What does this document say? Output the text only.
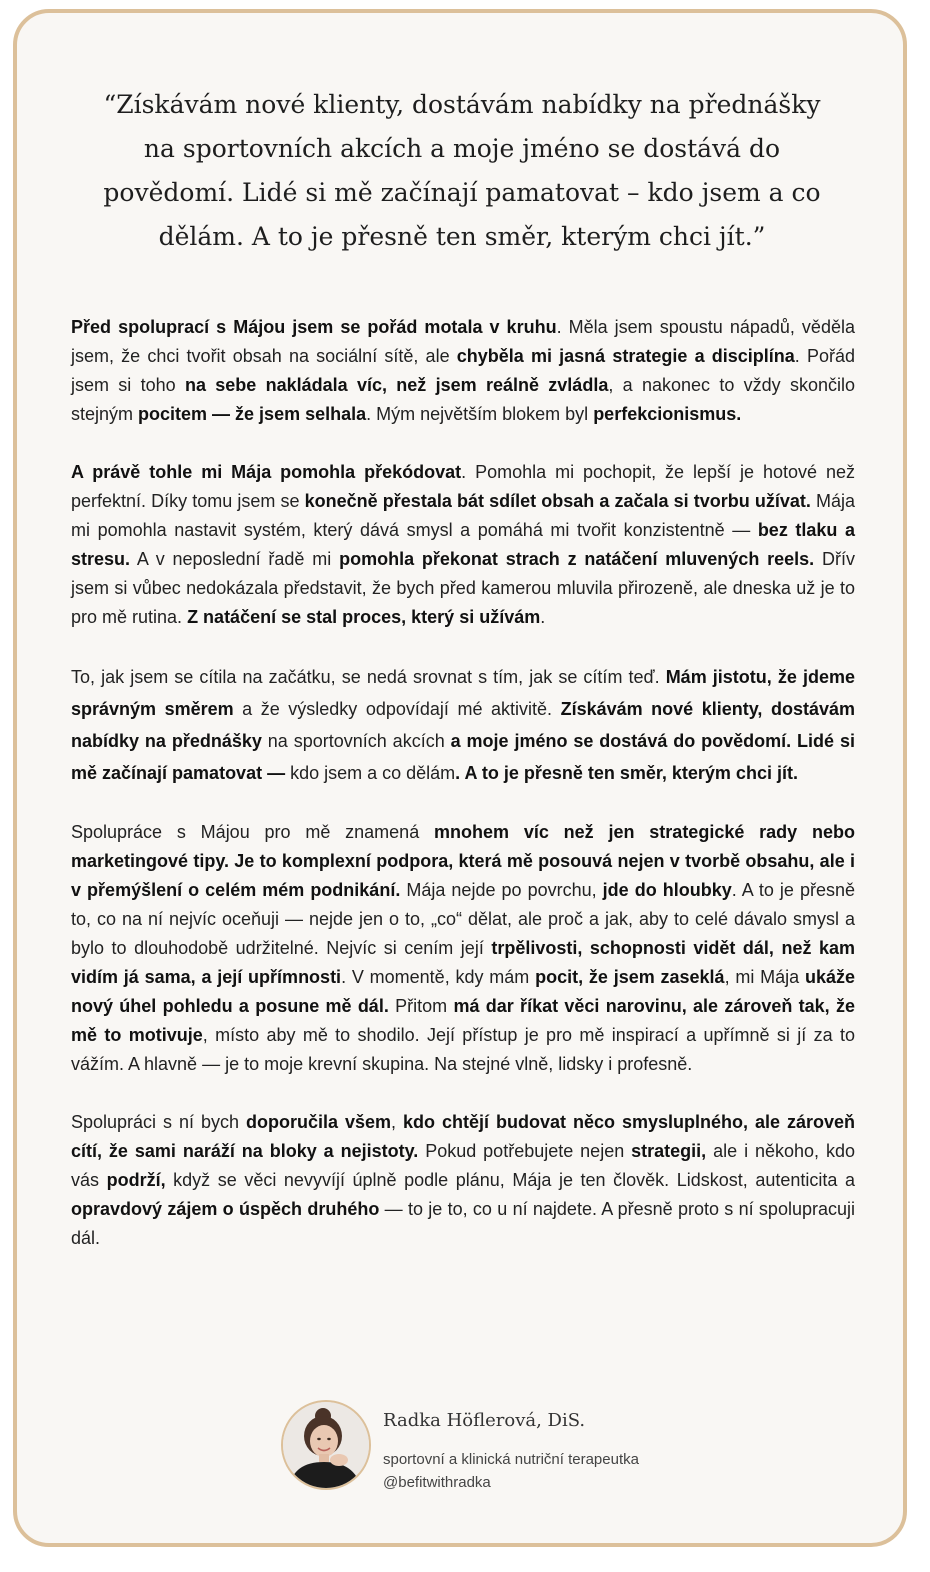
“Získávám nové klienty, dostávám nabídky na přednášky na sportovních akcích a moje jméno se dostává do povědomí. Lidé si mě začínají pamatovat – kdo jsem a co dělám. A to je přesně ten směr, kterým chci jít.”

Před spoluprací s Májou jsem se pořád motala v kruhu. Měla jsem spoustu nápadů, věděla jsem, že chci tvořit obsah na sociální sítě, ale chyběla mi jasná strategie a disciplína. Pořád jsem si toho na sebe nakládala víc, než jsem reálně zvládla, a nakonec to vždy skončilo stejným pocitem — že jsem selhala. Mým největším blokem byl perfekcionismus.

A právě tohle mi Mája pomohla překódovat. Pomohla mi pochopit, že lepší je hotové než perfektní. Díky tomu jsem se konečně přestala bát sdílet obsah a začala si tvorbu užívat. Mája mi pomohla nastavit systém, který dává smysl a pomáhá mi tvořit konzistentně — bez tlaku a stresu. A v neposlední řadě mi pomohla překonat strach z natáčení mluvených reels. Dřív jsem si vůbec nedokázala představit, že bych před kamerou mluvila přirozeně, ale dneska už je to pro mě rutina. Z natáčení se stal proces, který si užívám.

To, jak jsem se cítila na začátku, se nedá srovnat s tím, jak se cítím teď. Mám jistotu, že jdeme správným směrem a že výsledky odpovídají mé aktivitě. Získávám nové klienty, dostávám nabídky na přednášky na sportovních akcích a moje jméno se dostává do povědomí. Lidé si mě začínají pamatovat — kdo jsem a co dělám. A to je přesně ten směr, kterým chci jít.

Spolupráce s Májou pro mě znamená mnohem víc než jen strategické rady nebo marketingové tipy. Je to komplexní podpora, která mě posouvá nejen v tvorbě obsahu, ale i v přemýšlení o celém mém podnikání. Mája nejde po povrchu, jde do hloubky. A to je přesně to, co na ní nejvíc oceňuji — nejde jen o to, „co“ dělat, ale proč a jak, aby to celé dávalo smysl a bylo to dlouhodobě udržitelné. Nejvíc si cením její trpělivosti, schopnosti vidět dál, než kam vidím já sama, a její upřímnosti. V momentě, kdy mám pocit, že jsem zaseklá, mi Mája ukáže nový úhel pohledu a posune mě dál. Přitom má dar říkat věci narovinu, ale zároveň tak, že mě to motivuje, místo aby mě to shodilo. Její přístup je pro mě inspirací a upřímně si jí za to vážím. A hlavně — je to moje krevní skupina. Na stejné vlně, lidsky i profesně.

Spolupráci s ní bych doporučila všem, kdo chtějí budovat něco smysluplného, ale zároveň cítí, že sami naráží na bloky a nejistoty. Pokud potřebujete nejen strategii, ale i někoho, kdo vás podrží, když se věci nevyvíjí úplně podle plánu, Mája je ten člověk. Lidskost, autenticita a opravdový zájem o úspěch druhého — to je to, co u ní najdete. A přesně proto s ní spolupracuji dál.

Radka Höflerová, DiS.
sportovní a klinická nutriční terapeutka
@befitwithradka
